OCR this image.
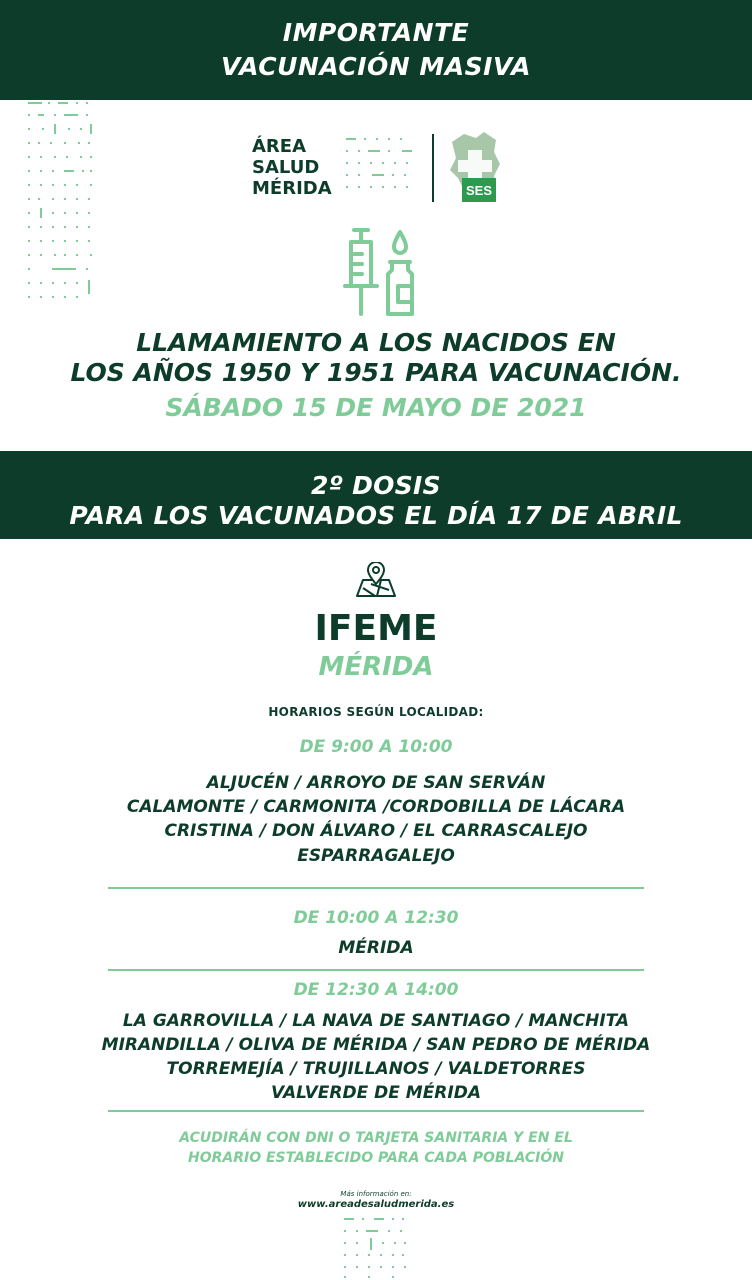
IMPORTANTE
VACUNACIÓN MASIVA
ÁREA
SALUD
MÉRIDA	SES
LLAMAMIENTO A LOS NACIDOS EN
LOS AÑOS 1950 Y 1951 PARA VACUNACIÓN.
SÁBADO 15 DE MAYO DE 2021
2º DOSIS
PARA LOS VACUNADOS EL DÍA 17 DE ABRIL
IFEME
MÉRIDA
HORARIOS SEGÚN LOCALIDAD:
DE 9:00 A 10:00
ALJUCÉN / ARROYO DE SAN SERVÁN
CALAMONTE / CARMONITA /CORDOBILLA DE LÁCARA
CRISTINA / DON ÁLVARO / EL CARRASCALEJO
ESPARRAGALEJO
DE 10:00 A 12:30
MÉRIDA
DE 12:30 A 14:00
LA GARROVILLA / LA NAVA DE SANTIAGO / MANCHITA
MIRANDILLA / OLIVA DE MÉRIDA / SAN PEDRO DE MÉRIDA
TORREMEJÍA / TRUJILLANOS / VALDETORRES
VALVERDE DE MÉRIDA
ACUDIRÁN CON DNI O TARJETA SANITARIA Y EN EL
HORARIO ESTABLECIDO PARA CADA POBLACIÓN
Más información en:
www.areadesaludmerida.es
